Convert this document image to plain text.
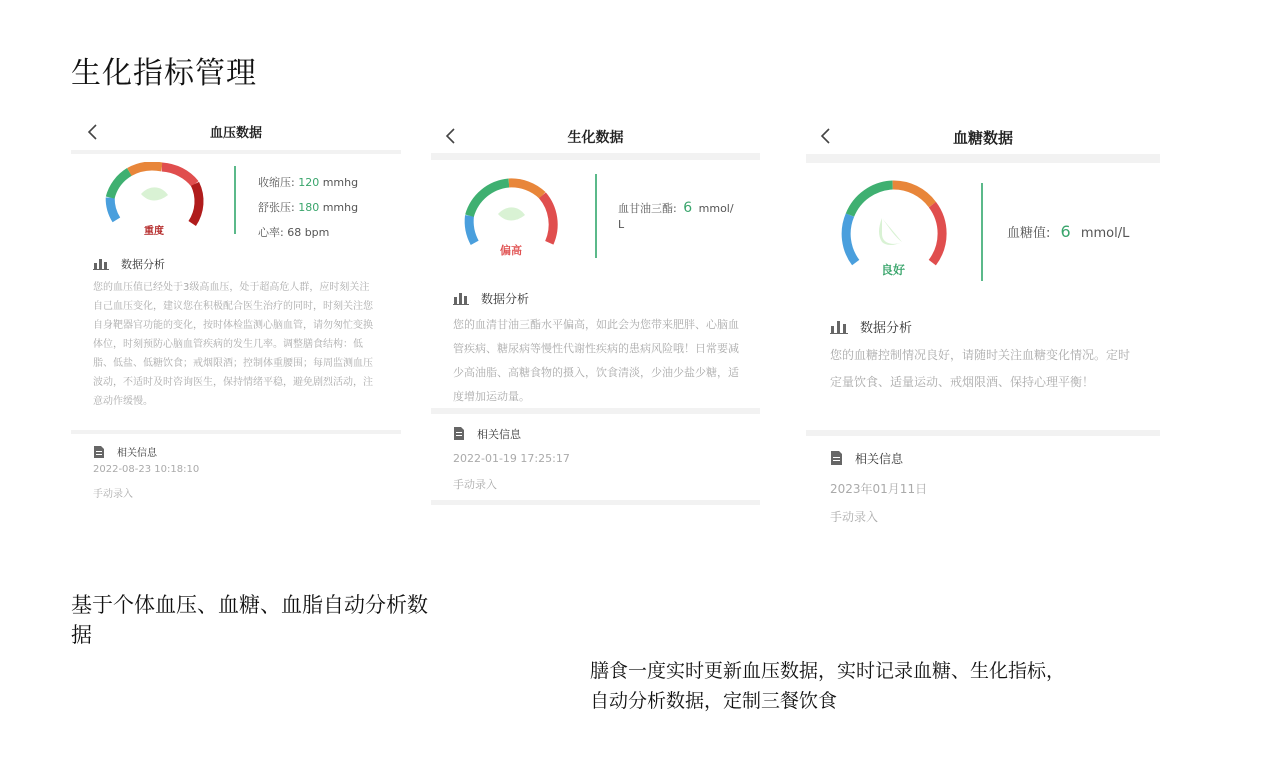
生化指标管理
血压数据
重度
收缩压: 120 mmhg
舒张压: 180 mmhg
心率: 68 bpm
数据分析
您的血压值已经处于3级高血压，处于超高危人群，应时刻关注自己血压变化，建议您在积极配合医生治疗的同时，时刻关注您自身靶器官功能的变化，按时体检监测心脑血管，请勿匆忙变换体位，时刻预防心脑血管疾病的发生几率。调整膳食结构：低脂、低盐、低糖饮食；戒烟限酒；控制体重腰围；每周监测血压波动，不适时及时咨询医生，保持情绪平稳，避免剧烈活动，注意动作缓慢。
相关信息
2022-08-23 10:18:10
手动录入
生化数据
偏高
血甘油三酯: 6 mmol/
L
数据分析
您的血清甘油三酯水平偏高，如此会为您带来肥胖、心脑血管疾病、糖尿病等慢性代谢性疾病的患病风险哦！日常要减少高油脂、高糖食物的摄入，饮食清淡，少油少盐少糖，适度增加运动量。
相关信息
2022-01-19 17:25:17
手动录入
血糖数据
良好
血糖值: 6 mmol/L
数据分析
您的血糖控制情况良好，请随时关注血糖变化情况。定时定量饮食、适量运动、戒烟限酒、保持心理平衡！
相关信息
2023年01月11日
手动录入
基于个体血压、血糖、血脂自动分析数据
膳食一度实时更新血压数据，实时记录血糖、生化指标，自动分析数据，定制三餐饮食
